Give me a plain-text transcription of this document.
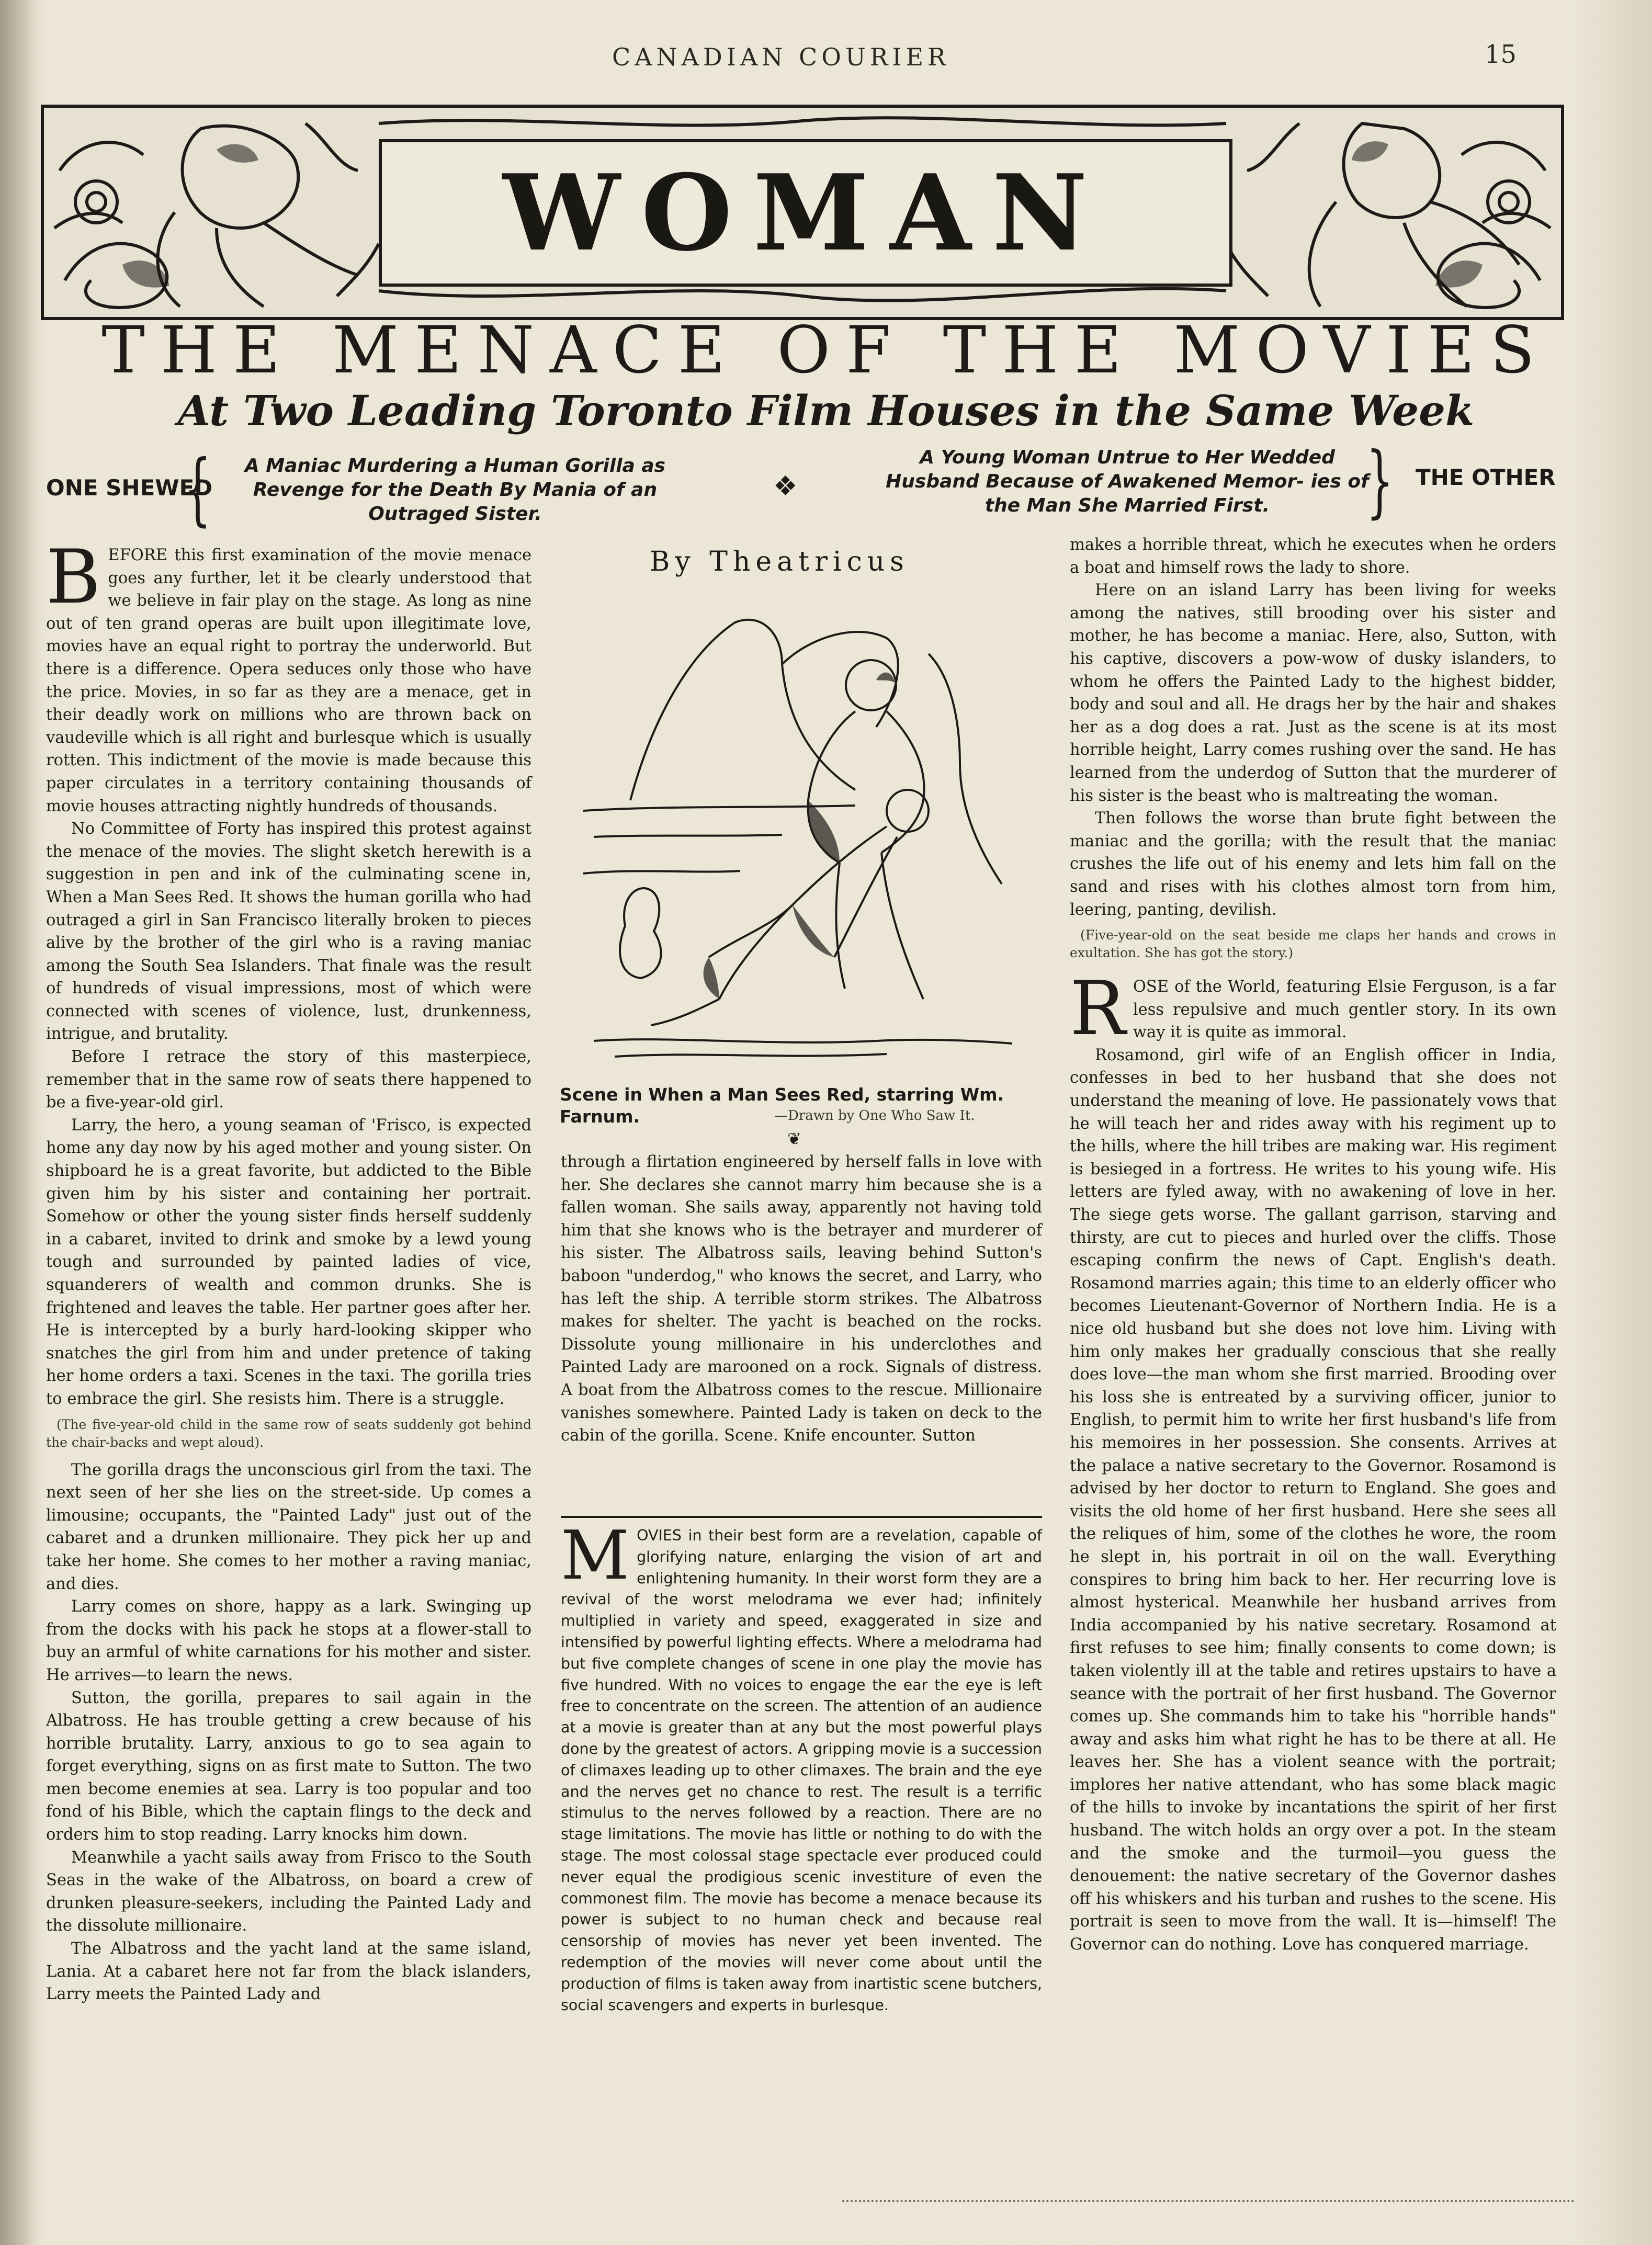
CANADIAN COURIER	15
WOMAN
THE MENACE OF THE MOVIES
At Two Leading Toronto Film Houses in the Same Week
ONE SHEWED
{	A Maniac Murdering a Human Gorilla as Revenge for the Death By Mania of an Outraged Sister.
❖
A Young Woman Untrue to Her Wedded Husband Because of Awakened Memor- ies of the Man She Married First.	} THE OTHER

BEFORE this first examination of the movie menace goes any further, let it be clearly understood that we believe in fair play on the stage. As long as nine out of ten grand operas are built upon illegitimate love, movies have an equal right to portray the underworld. But there is a difference. Opera seduces only those who have the price. Movies, in so far as they are a menace, get in their deadly work on millions who are thrown back on vaudeville which is all right and burlesque which is usually rotten. This indictment of the movie is made because this paper circulates in a territory containing thousands of movie houses attracting nightly hundreds of thousands.

No Committee of Forty has inspired this protest against the menace of the movies. The slight sketch herewith is a suggestion in pen and ink of the culminating scene in, When a Man Sees Red. It shows the human gorilla who had outraged a girl in San Francisco literally broken to pieces alive by the brother of the girl who is a raving maniac among the South Sea Islanders. That finale was the result of hundreds of visual impressions, most of which were connected with scenes of violence, lust, drunkenness, intrigue, and brutality.

Before I retrace the story of this masterpiece, remember that in the same row of seats there happened to be a five-year-old girl.

Larry, the hero, a young seaman of 'Frisco, is expected home any day now by his aged mother and young sister. On shipboard he is a great favorite, but addicted to the Bible given him by his sister and containing her portrait. Somehow or other the young sister finds herself suddenly in a cabaret, invited to drink and smoke by a lewd young tough and surrounded by painted ladies of vice, squanderers of wealth and common drunks. She is frightened and leaves the table. Her partner goes after her. He is intercepted by a burly hard-looking skipper who snatches the girl from him and under pretence of taking her home orders a taxi. Scenes in the taxi. The gorilla tries to embrace the girl. She resists him. There is a struggle.

(The five-year-old child in the same row of seats suddenly got behind the chair-backs and wept aloud).

The gorilla drags the unconscious girl from the taxi. The next seen of her she lies on the street-side. Up comes a limousine; occupants, the "Painted Lady" just out of the cabaret and a drunken millionaire. They pick her up and take her home. She comes to her mother a raving maniac, and dies.

Larry comes on shore, happy as a lark. Swinging up from the docks with his pack he stops at a flower-stall to buy an armful of white carnations for his mother and sister. He arrives—to learn the news.

Sutton, the gorilla, prepares to sail again in the Albatross. He has trouble getting a crew because of his horrible brutality. Larry, anxious to go to sea again to forget everything, signs on as first mate to Sutton. The two men become enemies at sea. Larry is too popular and too fond of his Bible, which the captain flings to the deck and orders him to stop reading. Larry knocks him down.

Meanwhile a yacht sails away from Frisco to the South Seas in the wake of the Albatross, on board a crew of drunken pleasure-seekers, including the Painted Lady and the dissolute millionaire.

The Albatross and the yacht land at the same island, Lania. At a cabaret here not far from the black islanders, Larry meets the Painted Lady and

By Theatricus
Scene in When a Man Sees Red, starring Wm. Farnum.	—Drawn by One Who Saw It.
❦

through a flirtation engineered by herself falls in love with her. She declares she cannot marry him because she is a fallen woman. She sails away, apparently not having told him that she knows who is the betrayer and murderer of his sister. The Albatross sails, leaving behind Sutton's baboon "underdog," who knows the secret, and Larry, who has left the ship. A terrible storm strikes. The Albatross makes for shelter. The yacht is beached on the rocks. Dissolute young millionaire in his underclothes and Painted Lady are marooned on a rock. Signals of distress. A boat from the Albatross comes to the rescue. Millionaire vanishes somewhere. Painted Lady is taken on deck to the cabin of the gorilla. Scene. Knife encounter. Sutton

MOVIES in their best form are a revelation, capable of glorifying nature, enlarging the vision of art and enlightening humanity. In their worst form they are a revival of the worst melodrama we ever had; infinitely multiplied in variety and speed, exaggerated in size and intensified by powerful lighting effects. Where a melodrama had but five complete changes of scene in one play the movie has five hundred. With no voices to engage the ear the eye is left free to concentrate on the screen. The attention of an audience at a movie is greater than at any but the most powerful plays done by the greatest of actors. A gripping movie is a succession of climaxes leading up to other climaxes. The brain and the eye and the nerves get no chance to rest. The result is a terrific stimulus to the nerves followed by a reaction. There are no stage limitations. The movie has little or nothing to do with the stage. The most colossal stage spectacle ever produced could never equal the prodigious scenic investiture of even the commonest film. The movie has become a menace because its power is subject to no human check and because real censorship of movies has never yet been invented. The redemption of the movies will never come about until the production of films is taken away from inartistic scene butchers, social scavengers and experts in burlesque.

makes a horrible threat, which he executes when he orders a boat and himself rows the lady to shore.

Here on an island Larry has been living for weeks among the natives, still brooding over his sister and mother, he has become a maniac. Here, also, Sutton, with his captive, discovers a pow-wow of dusky islanders, to whom he offers the Painted Lady to the highest bidder, body and soul and all. He drags her by the hair and shakes her as a dog does a rat. Just as the scene is at its most horrible height, Larry comes rushing over the sand. He has learned from the underdog of Sutton that the murderer of his sister is the beast who is maltreating the woman.

Then follows the worse than brute fight between the maniac and the gorilla; with the result that the maniac crushes the life out of his enemy and lets him fall on the sand and rises with his clothes almost torn from him, leering, panting, devilish.

(Five-year-old on the seat beside me claps her hands and crows in exultation. She has got the story.)

ROSE of the World, featuring Elsie Ferguson, is a far less repulsive and much gentler story. In its own way it is quite as immoral.

Rosamond, girl wife of an English officer in India, confesses in bed to her husband that she does not understand the meaning of love. He passionately vows that he will teach her and rides away with his regiment up to the hills, where the hill tribes are making war. His regiment is besieged in a fortress. He writes to his young wife. His letters are fyled away, with no awakening of love in her. The siege gets worse. The gallant garrison, starving and thirsty, are cut to pieces and hurled over the cliffs. Those escaping confirm the news of Capt. English's death. Rosamond marries again; this time to an elderly officer who becomes Lieutenant-Governor of Northern India. He is a nice old husband but she does not love him. Living with him only makes her gradually conscious that she really does love—the man whom she first married. Brooding over his loss she is entreated by a surviving officer, junior to English, to permit him to write her first husband's life from his memoires in her possession. She consents. Arrives at the palace a native secretary to the Governor. Rosamond is advised by her doctor to return to England. She goes and visits the old home of her first husband. Here she sees all the reliques of him, some of the clothes he wore, the room he slept in, his portrait in oil on the wall. Everything conspires to bring him back to her. Her recurring love is almost hysterical. Meanwhile her husband arrives from India accompanied by his native secretary. Rosamond at first refuses to see him; finally consents to come down; is taken violently ill at the table and retires upstairs to have a seance with the portrait of her first husband. The Governor comes up. She commands him to take his "horrible hands" away and asks him what right he has to be there at all. He leaves her. She has a violent seance with the portrait; implores her native attendant, who has some black magic of the hills to invoke by incantations the spirit of her first husband. The witch holds an orgy over a pot. In the steam and the smoke and the turmoil—you guess the denouement: the native secretary of the Governor dashes off his whiskers and his turban and rushes to the scene. His portrait is seen to move from the wall. It is—himself! The Governor can do nothing. Love has conquered marriage.
